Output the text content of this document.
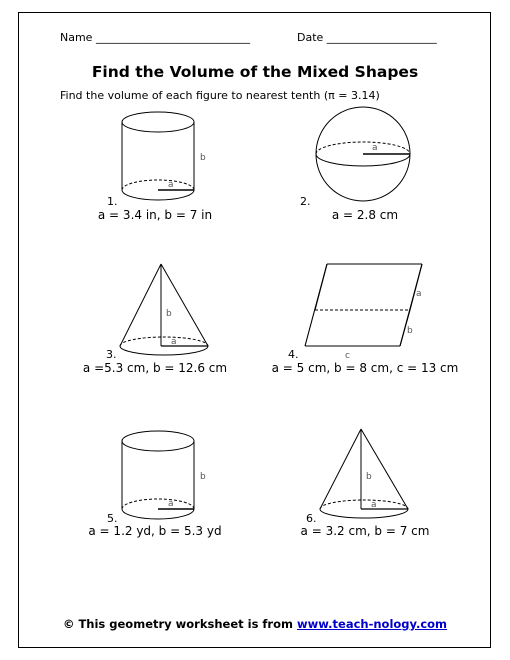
Name ____________________________	Date ____________________
Find the Volume of the Mixed Shapes
Find the volume of each figure to nearest tenth (π = 3.14)
a
b
1.
a = 3.4 in, b = 7 in
a
2.
a = 2.8 cm
b
a
3.
a =5.3 cm, b = 12.6 cm
a
b
c
4.
a = 5 cm, b = 8 cm, c = 13 cm
a
b
5.
a = 1.2 yd, b = 5.3 yd
b
a
6.
a = 3.2 cm, b = 7 cm
© This geometry worksheet is from www.teach-nology.com
